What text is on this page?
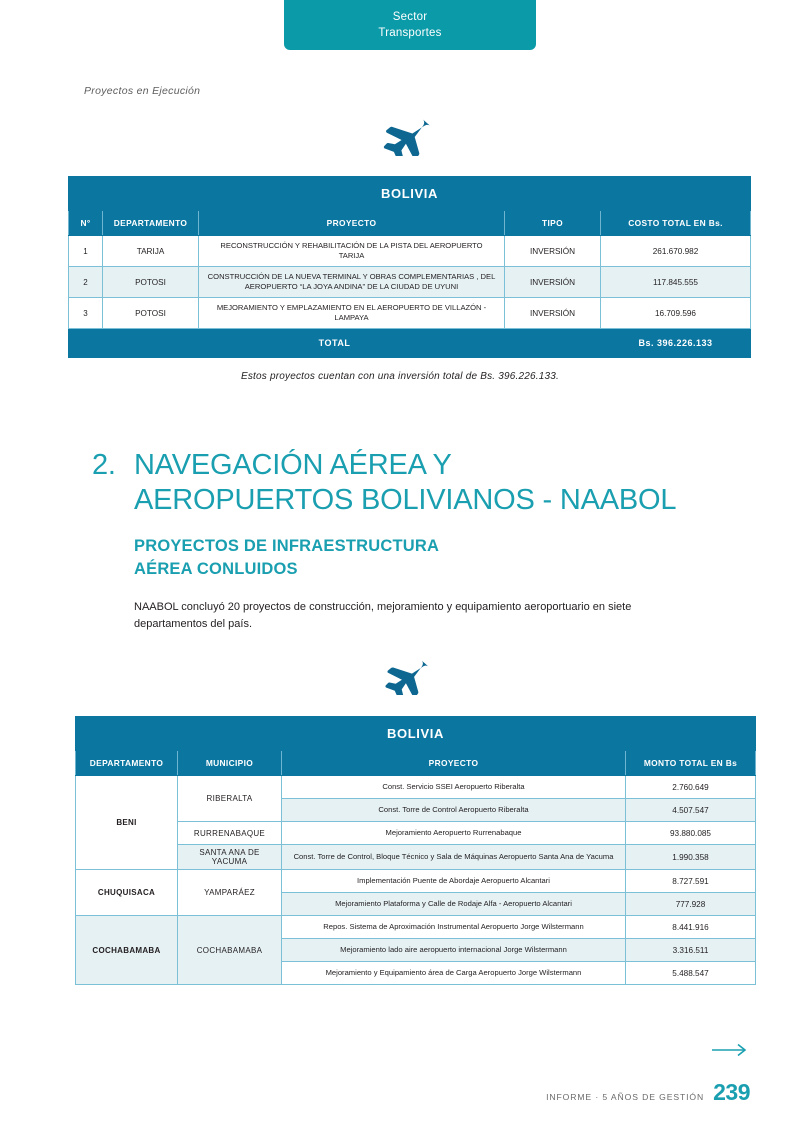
Sector
Transportes
Proyectos en Ejecución
BOLIVIA				
N°	DEPARTAMENTO	PROYECTO	TIPO	COSTO TOTAL EN Bs.
1	TARIJA	RECONSTRUCCIÓN Y REHABILITACIÓN DE LA PISTA DEL AEROPUERTO TARIJA	INVERSIÓN	261.670.982
2	POTOSI	CONSTRUCCIÓN DE LA NUEVA TERMINAL Y OBRAS COMPLEMENTARIAS , DEL AEROPUERTO “LA JOYA ANDINA” DE LA CIUDAD DE UYUNI	INVERSIÓN	117.845.555
3	POTOSI	MEJORAMIENTO Y EMPLAZAMIENTO EN EL AEROPUERTO DE VILLAZÓN - LAMPAYA	INVERSIÓN	16.709.596
TOTAL				Bs. 396.226.133
Estos proyectos cuentan con una inversión total de Bs. 396.226.133.
2. NAVEGACIÓN AÉREA Y
AEROPUERTOS BOLIVIANOS - NAABOL
PROYECTOS DE INFRAESTRUCTURA
AÉREA CONLUIDOS
NAABOL concluyó 20 proyectos de construcción, mejoramiento y equipamiento aeroportuario en siete departamentos del país.
BOLIVIA			
DEPARTAMENTO	MUNICIPIO	PROYECTO	MONTO TOTAL EN Bs
BENI	RIBERALTA	Const. Servicio SSEI Aeropuerto Riberalta	2.760.649
		Const. Torre de Control Aeropuerto Riberalta	4.507.547
	RURRENABAQUE	Mejoramiento Aeropuerto Rurrenabaque	93.880.085
	SANTA ANA DE YACUMA	Const. Torre de Control, Bloque Técnico y Sala de Máquinas Aeropuerto Santa Ana de Yacuma	1.990.358
CHUQUISACA	YAMPARÁEZ	Implementación Puente de Abordaje Aeropuerto Alcantari	8.727.591
		Mejoramiento Plataforma y Calle de Rodaje Alfa - Aeropuerto Alcantari	777.928
COCHABAMABA	COCHABAMABA	Repos. Sistema de Aproximación Instrumental Aeropuerto Jorge Wilstermann	8.441.916
		Mejoramiento lado aire aeropuerto internacional Jorge Wilstermann	3.316.511
		Mejoramiento y Equipamiento área de Carga Aeropuerto Jorge Wilstermann	5.488.547
INFORME · 5 AÑOS DE GESTIÓN 239
